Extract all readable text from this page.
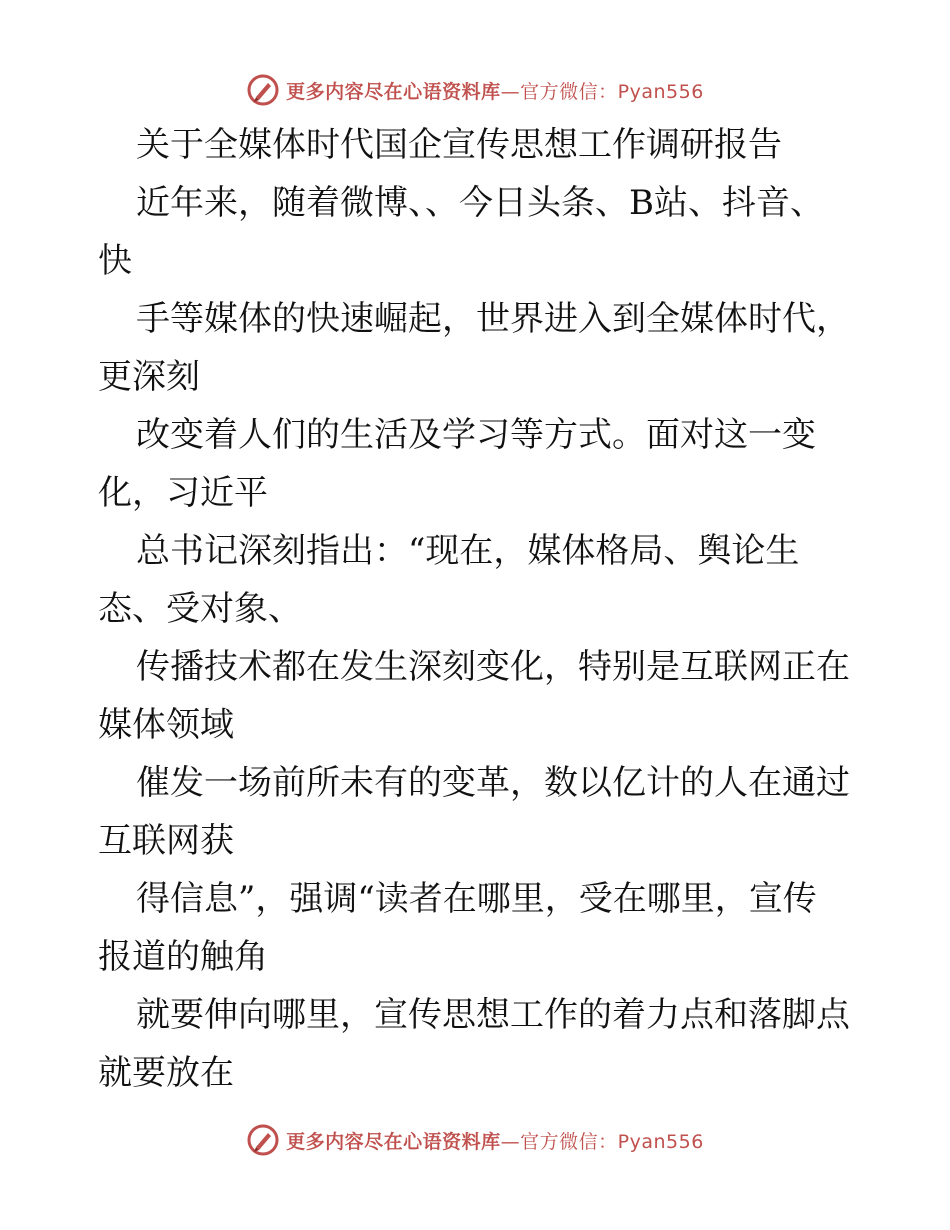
更多内容尽在心语资料库 —官方微信：Pyan556
关于全媒体时代国企宣传思想工作调研报告
近年来，随着微博、、今日头条、B站、抖音、
快
手等媒体的快速崛起，世界进入到全媒体时代，
更深刻
改变着人们的生活及学习等方式。面对这一变
化，习近平
总书记深刻指出：“现在，媒体格局、舆论生
态、受对象、
传播技术都在发生深刻变化，特别是互联网正在
媒体领域
催发一场前所未有的变革，数以亿计的人在通过
互联网获
得信息”，强调“读者在哪里，受在哪里，宣传
报道的触角
就要伸向哪里，宣传思想工作的着力点和落脚点
就要放在
更多内容尽在心语资料库 —官方微信：Pyan556
